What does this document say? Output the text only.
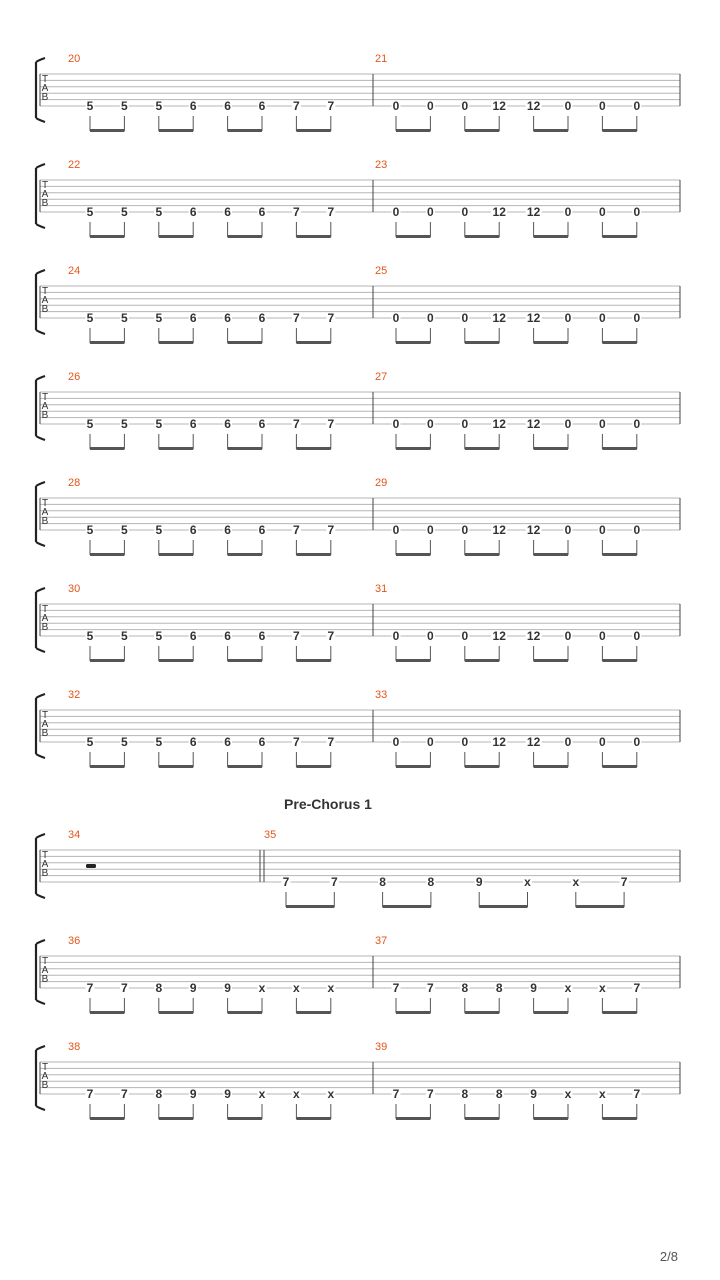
T
A
B
20
5 5 5 6 6 6 7 7
21
0 0 0 12 12 0 0 0
T
A
B
22
5 5 5 6 6 6 7 7
23
0 0 0 12 12 0 0 0
T
A
B
24
5 5 5 6 6 6 7 7
25
0 0 0 12 12 0 0 0
T
A
B
26
5 5 5 6 6 6 7 7
27
0 0 0 12 12 0 0 0
T
A
B
28
5 5 5 6 6 6 7 7
29
0 0 0 12 12 0 0 0
T
A
B
30
5 5 5 6 6 6 7 7
31
0 0 0 12 12 0 0 0
T
A
B
32
5 5 5 6 6 6 7 7
33
0 0 0 12 12 0 0 0
T
A
B
Pre-Chorus 1
34	35
7	7	8	8	9	x	x	7
T
A
B
36
7 7 8 9 9 x x x
37
7 7 8 8 9 x x 7
T
A
B
38
7 7 8 9 9 x x x
39
7 7 8 8 9 x x 7
2/8
